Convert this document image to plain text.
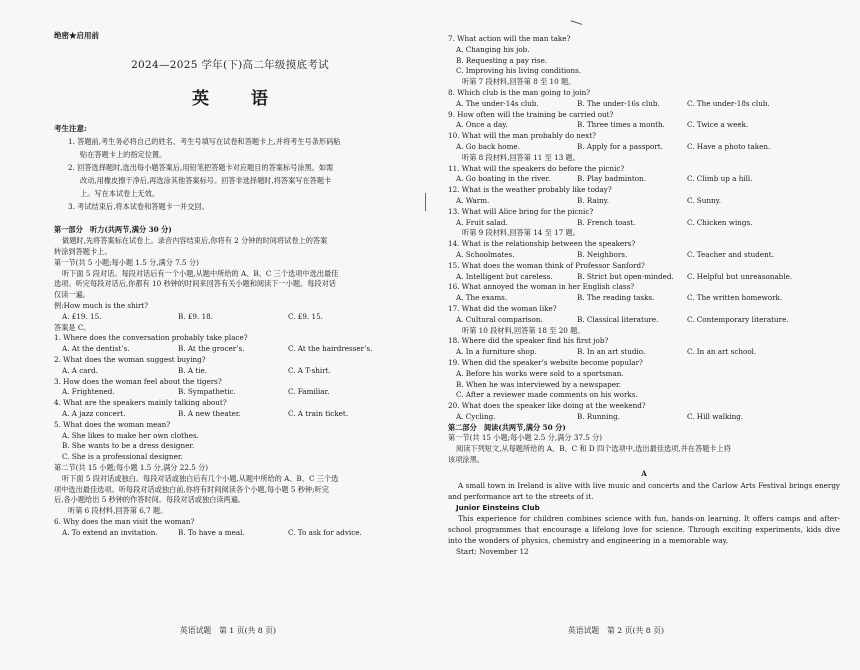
绝密★启用前
2024—2025 学年(下)高二年级摸底考试
英 语
考生注意:
1. 答题前,考生务必将自己的姓名、考生号填写在试卷和答题卡上,并将考生号条形码粘
贴在答题卡上的指定位置。
2. 回答选择题时,选出每小题答案后,用铅笔把答题卡对应题目的答案标号涂黑。如需
改动,用橡皮擦干净后,再选涂其他答案标号。回答非选择题时,将答案写在答题卡
上。写在本试卷上无效。
3. 考试结束后,将本试卷和答题卡一并交回。
第一部分　听力(共两节,满分 30 分)
做题时,先将答案标在试卷上。录音内容结束后,你将有 2 分钟的时间将试卷上的答案
转涂到答题卡上。
第一节(共 5 小题;每小题 1.5 分,满分 7.5 分)
听下面 5 段对话。每段对话后有一个小题,从题中所给的 A、B、C 三个选项中选出最佳
选项。听完每段对话后,你都有 10 秒钟的时间来回答有关小题和阅读下一小题。每段对话
仅读一遍。
例:How much is the shirt?
A. £19. 15.	B. £9. 18.	C. £9. 15.
答案是 C。
1. Where does the conversation probably take place?
A. At the dentist’s.	B. At the grocer’s.	C. At the hairdresser’s.
2. What does the woman suggest buying?
A. A card.	B. A tie.	C. A T-shirt.
3. How does the woman feel about the tigers?
A. Frightened.	B. Sympathetic.	C. Familiar.
4. What are the speakers mainly talking about?
A. A jazz concert.	B. A new theater.	C. A train ticket.
5. What does the woman mean?
A. She likes to make her own clothes.
B. She wants to be a dress designer.
C. She is a professional designer.
第二节(共 15 小题;每小题 1.5 分,满分 22.5 分)
听下面 5 段对话或独白。每段对话或独白后有几个小题,从题中所给的 A、B、C 三个选
项中选出最佳选项。听每段对话或独白前,你将有时间阅读各个小题,每小题 5 秒钟;听完
后,各小题给出 5 秒钟的作答时间。每段对话或独白读两遍。
听第 6 段材料,回答第 6,7 题。
6. Why does the man visit the woman?
A. To extend an invitation.	B. To have a meal.	C. To ask for advice.
英语试题　第 1 页(共 8 页)
7. What action will the man take?
A. Changing his job.
B. Requesting a pay rise.
C. Improving his living conditions.
听第 7 段材料,回答第 8 至 10 题。
8. Which club is the man going to join?
A. The under-14s club.	B. The under-16s club.	C. The under-18s club.
9. How often will the training be carried out?
A. Once a day.	B. Three times a month.	C. Twice a week.
10. What will the man probably do next?
A. Go back home.	B. Apply for a passport.	C. Have a photo taken.
听第 8 段材料,回答第 11 至 13 题。
11. What will the speakers do before the picnic?
A. Go boating in the river.	B. Play badminton.	C. Climb up a hill.
12. What is the weather probably like today?
A. Warm.	B. Rainy.	C. Sunny.
13. What will Alice bring for the picnic?
A. Fruit salad.	B. French toast.	C. Chicken wings.
听第 9 段材料,回答第 14 至 17 题。
14. What is the relationship between the speakers?
A. Schoolmates.	B. Neighbors.	C. Teacher and student.
15. What does the woman think of Professor Sanford?
A. Intelligent but careless.	B. Strict but open-minded.	C. Helpful but unreasonable.
16. What annoyed the woman in her English class?
A. The exams.	B. The reading tasks.	C. The written homework.
17. What did the woman like?
A. Cultural comparison.	B. Classical literature.	C. Contemporary literature.
听第 10 段材料,回答第 18 至 20 题。
18. Where did the speaker find his first job?
A. In a furniture shop.	B. In an art studio.	C. In an art school.
19. When did the speaker’s website become popular?
A. Before his works were sold to a sportsman.
B. When he was interviewed by a newspaper.
C. After a reviewer made comments on his works.
20. What does the speaker like doing at the weekend?
A. Cycling.	B. Running.	C. Hill walking.
第二部分　阅读(共两节,满分 50 分)
第一节(共 15 小题;每小题 2.5 分,满分 37.5 分)
阅读下列短文,从每题所给的 A、B、C 和 D 四个选项中,选出最佳选项,并在答题卡上将
该项涂黑。
A
A small town in Ireland is alive with live music and concerts and the Carlow Arts Festival brings energy and performance art to the streets of it.
Junior Einsteins Club
This experience for children combines science with fun, hands-on learning. It offers camps and after-school programmes that encourage a lifelong love for science. Through exciting experiments, kids dive into the wonders of physics, chemistry and engineering in a memorable way.
Start: November 12
英语试题　第 2 页(共 8 页)
